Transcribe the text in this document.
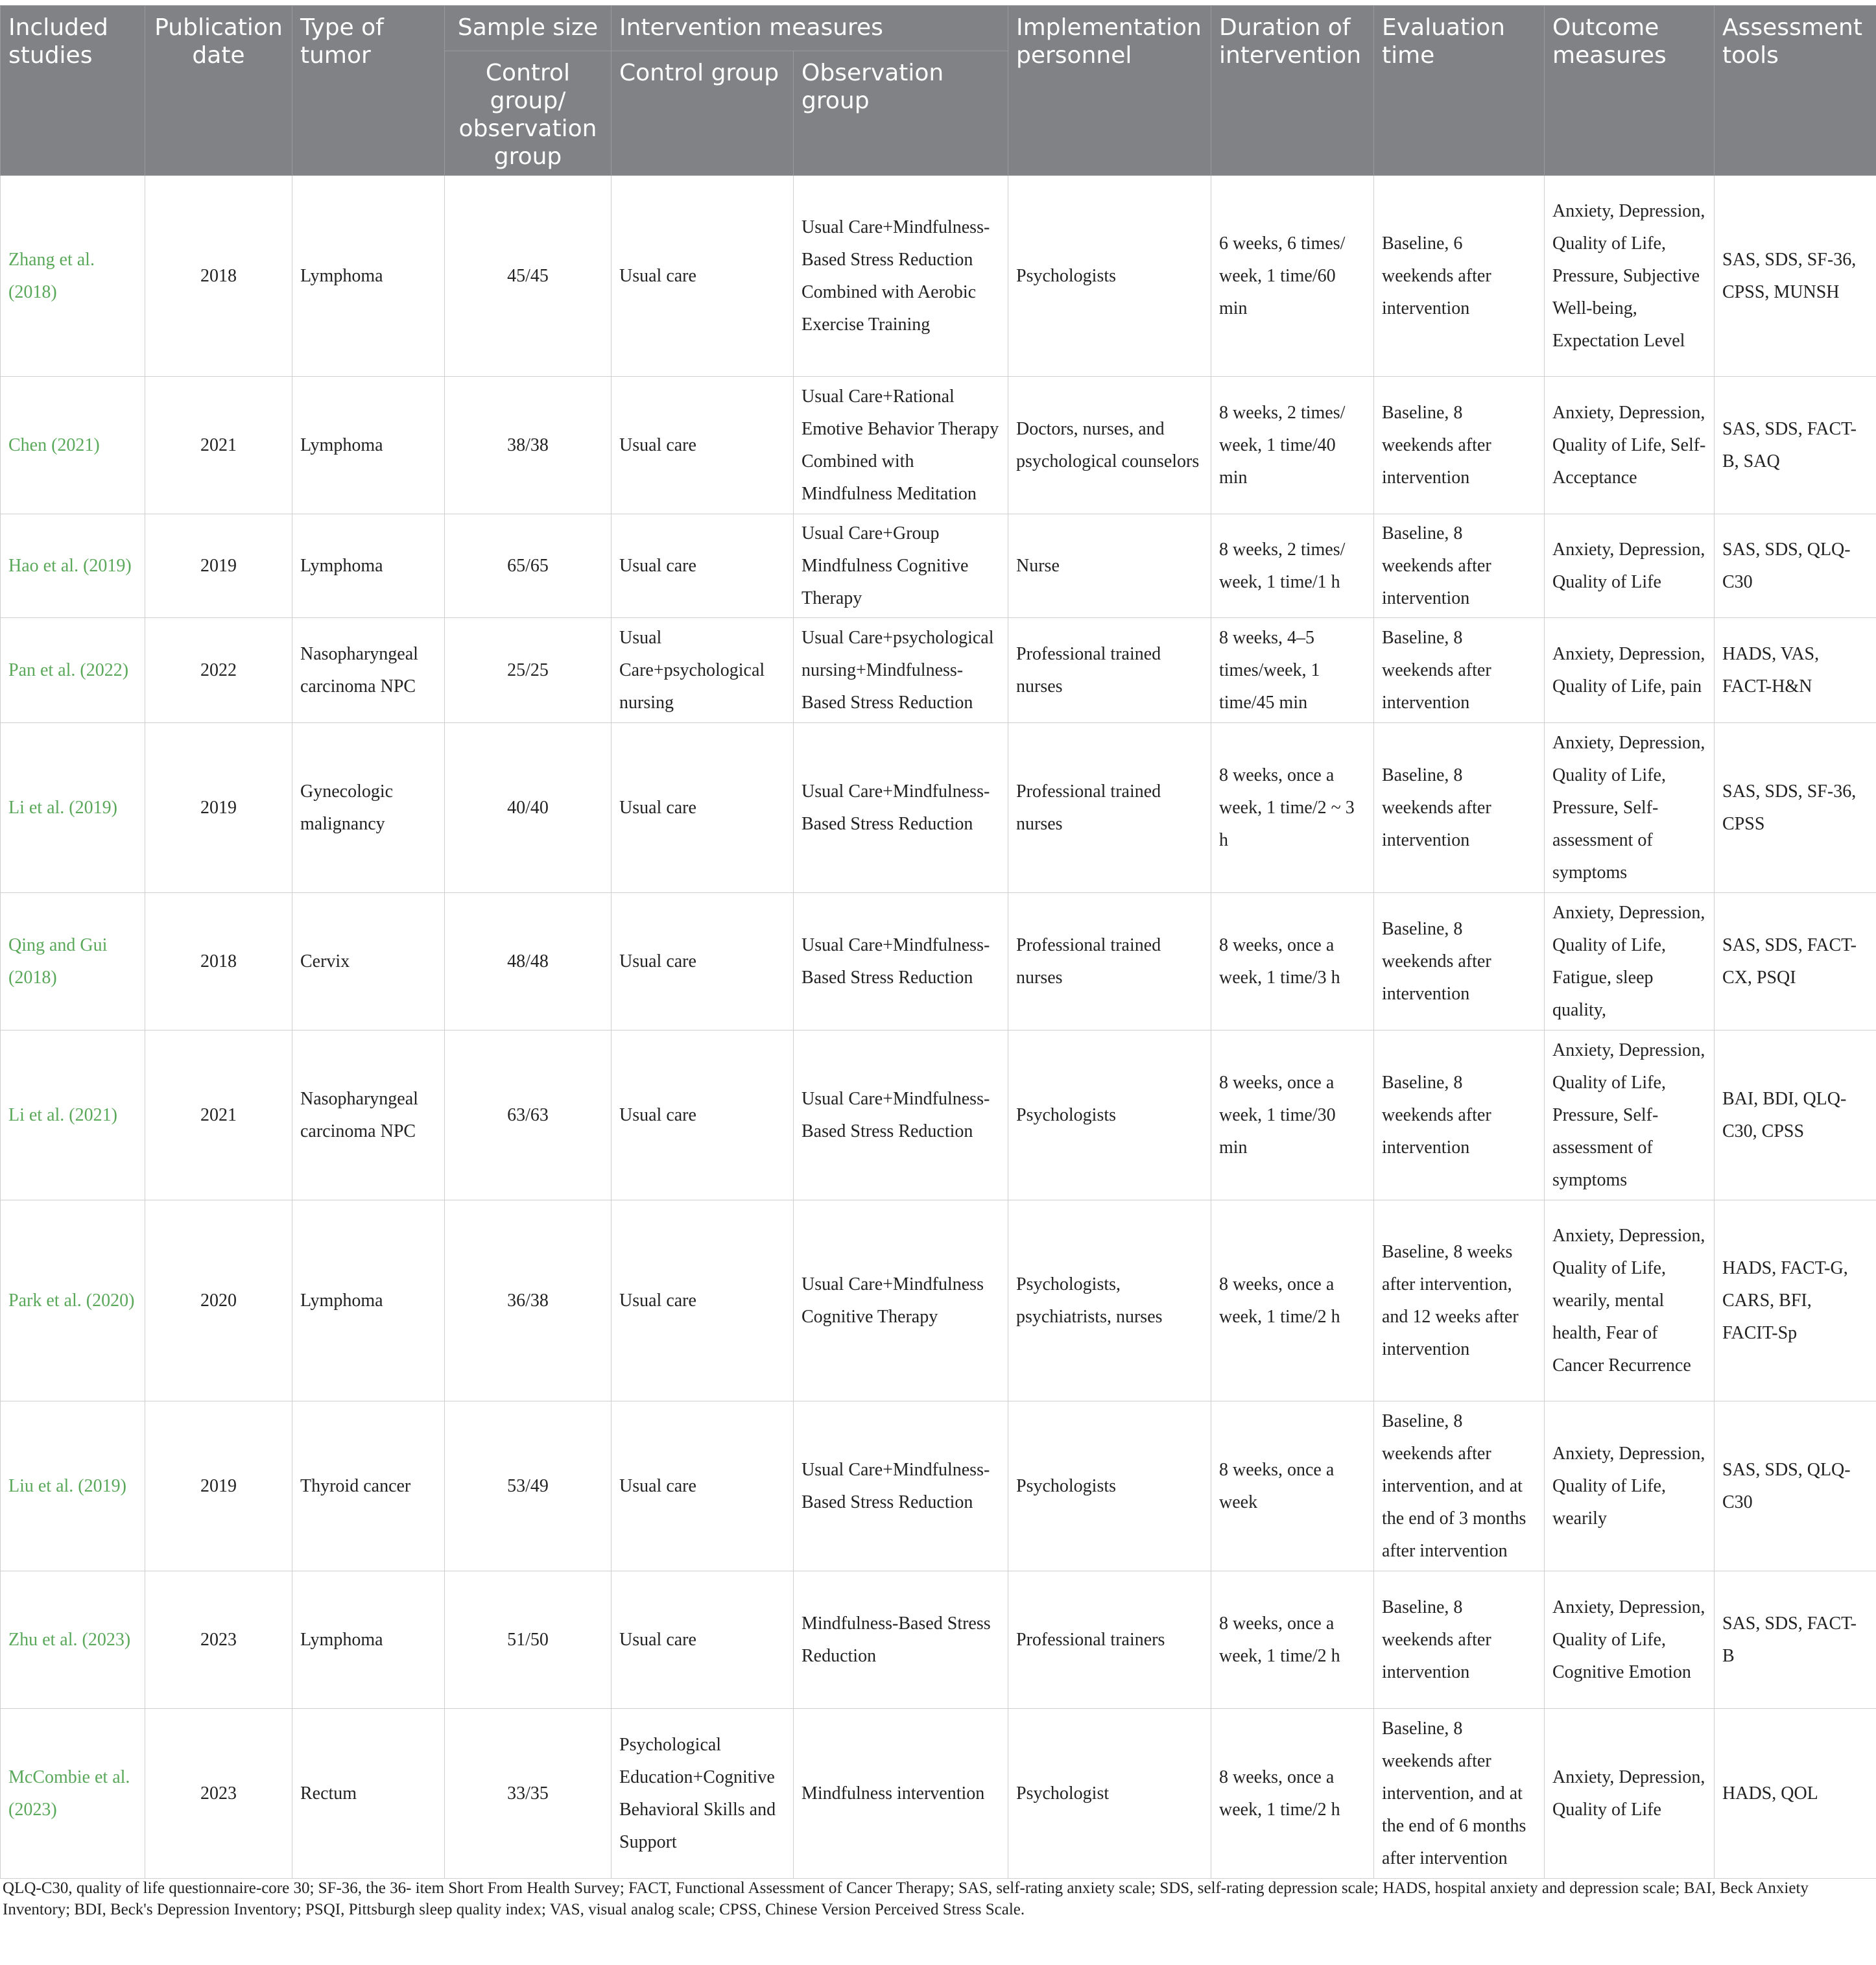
Included studies	Publication date	Type of tumor	Sample size	Intervention measures		Implementation personnel	Duration of intervention	Evaluation time	Outcome measures	Assessment tools
			Control group/ observation group	Control group	Observation group					
Zhang et al. (2018)	2018	Lymphoma	45/45	Usual care	Usual Care+Mindfulness-Based Stress Reduction Combined with Aerobic Exercise Training	Psychologists	6 weeks, 6 times/ week, 1 time/60 min	Baseline, 6 weekends after intervention	Anxiety, Depression, Quality of Life, Pressure, Subjective Well-being, Expectation Level	SAS, SDS, SF-36, CPSS, MUNSH
Chen (2021)	2021	Lymphoma	38/38	Usual care	Usual Care+Rational Emotive Behavior Therapy Combined with Mindfulness Meditation	Doctors, nurses, and psychological counselors	8 weeks, 2 times/ week, 1 time/40 min	Baseline, 8 weekends after intervention	Anxiety, Depression, Quality of Life, Self-Acceptance	SAS, SDS, FACT-B, SAQ
Hao et al. (2019)	2019	Lymphoma	65/65	Usual care	Usual Care+Group Mindfulness Cognitive Therapy	Nurse	8 weeks, 2 times/ week, 1 time/1 h	Baseline, 8 weekends after intervention	Anxiety, Depression, Quality of Life	SAS, SDS, QLQ-C30
Pan et al. (2022)	2022	Nasopharyngeal carcinoma NPC	25/25	Usual Care+psychological nursing	Usual Care+psychological nursing+Mindfulness-Based Stress Reduction	Professional trained nurses	8 weeks, 4–5 times/week, 1 time/45 min	Baseline, 8 weekends after intervention	Anxiety, Depression, Quality of Life, pain	HADS, VAS, FACT-H&N
Li et al. (2019)	2019	Gynecologic malignancy	40/40	Usual care	Usual Care+Mindfulness-Based Stress Reduction	Professional trained nurses	8 weeks, once a week, 1 time/2 ~ 3 h	Baseline, 8 weekends after intervention	Anxiety, Depression, Quality of Life, Pressure, Self-assessment of symptoms	SAS, SDS, SF-36, CPSS
Qing and Gui (2018)	2018	Cervix	48/48	Usual care	Usual Care+Mindfulness-Based Stress Reduction	Professional trained nurses	8 weeks, once a week, 1 time/3 h	Baseline, 8 weekends after intervention	Anxiety, Depression, Quality of Life, Fatigue, sleep quality,	SAS, SDS, FACT-CX, PSQI
Li et al. (2021)	2021	Nasopharyngeal carcinoma NPC	63/63	Usual care	Usual Care+Mindfulness-Based Stress Reduction	Psychologists	8 weeks, once a week, 1 time/30 min	Baseline, 8 weekends after intervention	Anxiety, Depression, Quality of Life, Pressure, Self-assessment of symptoms	BAI, BDI, QLQ-C30, CPSS
Park et al. (2020)	2020	Lymphoma	36/38	Usual care	Usual Care+Mindfulness Cognitive Therapy	Psychologists, psychiatrists, nurses	8 weeks, once a week, 1 time/2 h	Baseline, 8 weeks after intervention, and 12 weeks after intervention	Anxiety, Depression, Quality of Life, wearily, mental health, Fear of Cancer Recurrence	HADS, FACT-G, CARS, BFI, FACIT-Sp
Liu et al. (2019)	2019	Thyroid cancer	53/49	Usual care	Usual Care+Mindfulness-Based Stress Reduction	Psychologists	8 weeks, once a week	Baseline, 8 weekends after intervention, and at the end of 3 months after intervention	Anxiety, Depression, Quality of Life, wearily	SAS, SDS, QLQ-C30
Zhu et al. (2023)	2023	Lymphoma	51/50	Usual care	Mindfulness-Based Stress Reduction	Professional trainers	8 weeks, once a week, 1 time/2 h	Baseline, 8 weekends after intervention	Anxiety, Depression, Quality of Life, Cognitive Emotion	SAS, SDS, FACT-B
McCombie et al. (2023)	2023	Rectum	33/35	Psychological Education+Cognitive Behavioral Skills and Support	Mindfulness intervention	Psychologist	8 weeks, once a week, 1 time/2 h	Baseline, 8 weekends after intervention, and at the end of 6 months after intervention	Anxiety, Depression, Quality of Life	HADS, QOL

QLQ-C30, quality of life questionnaire-core 30; SF-36, the 36- item Short From Health Survey; FACT, Functional Assessment of Cancer Therapy; SAS, self-rating anxiety scale; SDS, self-rating depression scale; HADS, hospital anxiety and depression scale; BAI, Beck Anxiety Inventory; BDI, Beck's Depression Inventory; PSQI, Pittsburgh sleep quality index; VAS, visual analog scale; CPSS, Chinese Version Perceived Stress Scale.
